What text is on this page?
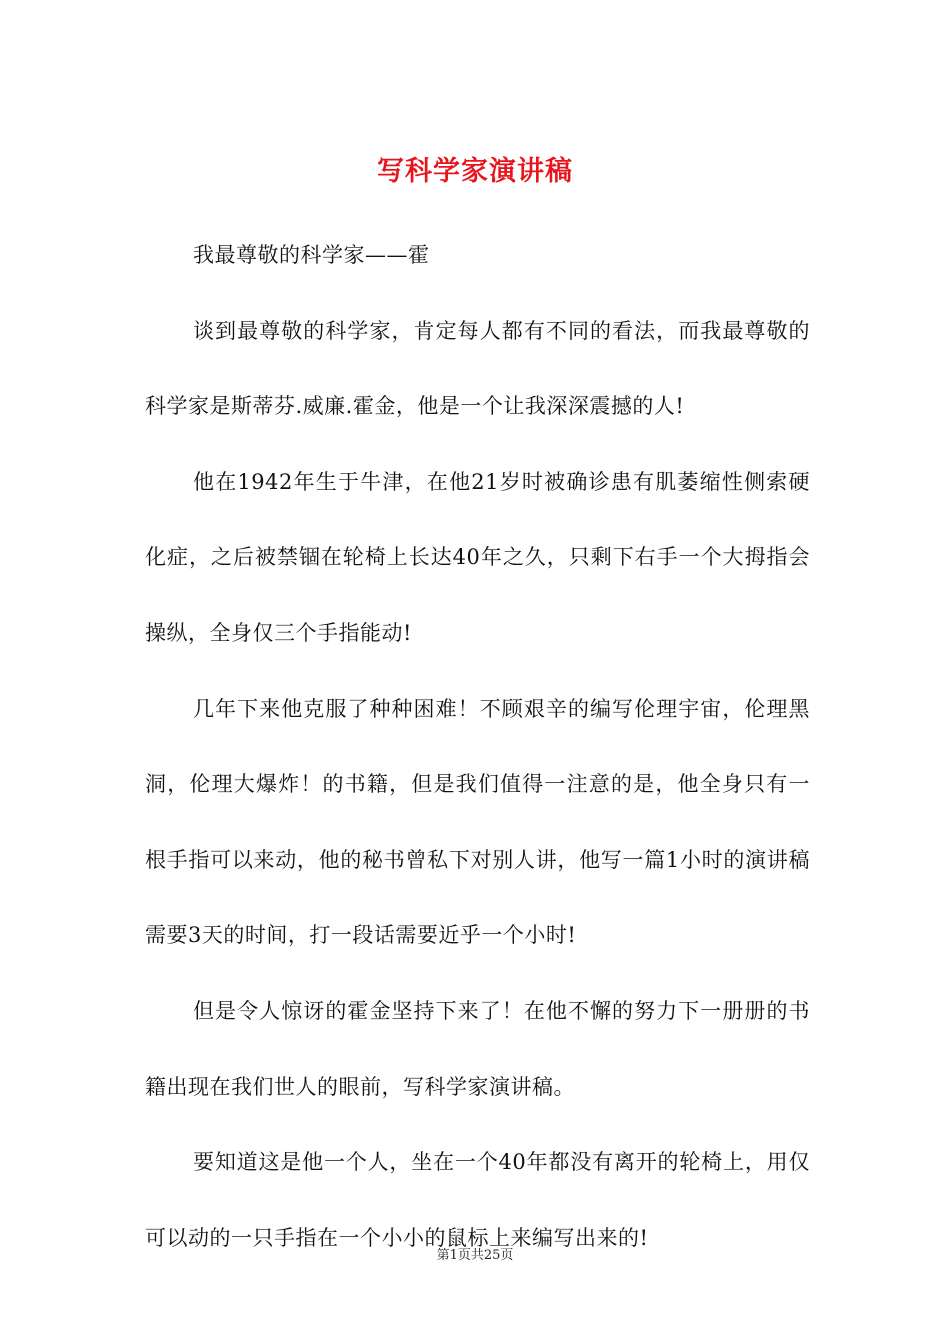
写科学家演讲稿

我最尊敬的科学家——霍

谈到最尊敬的科学家，肯定每人都有不同的看法，而我最尊敬的科学家是斯蒂芬.威廉.霍金，他是一个让我深深震撼的人!

他在1942年生于牛津，在他21岁时被确诊患有肌萎缩性侧索硬化症，之后被禁锢在轮椅上长达40年之久，只剩下右手一个大拇指会操纵，全身仅三个手指能动!

几年下来他克服了种种困难！不顾艰辛的编写伦理宇宙，伦理黑洞，伦理大爆炸！的书籍，但是我们值得一注意的是，他全身只有一根手指可以来动，他的秘书曾私下对别人讲，他写一篇1小时的演讲稿需要3天的时间，打一段话需要近乎一个小时!

但是令人惊讶的霍金坚持下来了！在他不懈的努力下一册册的书籍出现在我们世人的眼前，写科学家演讲稿。

要知道这是他一个人，坐在一个40年都没有离开的轮椅上，用仅可以动的一只手指在一个小小的鼠标上来编写出来的!

第1页共25页
